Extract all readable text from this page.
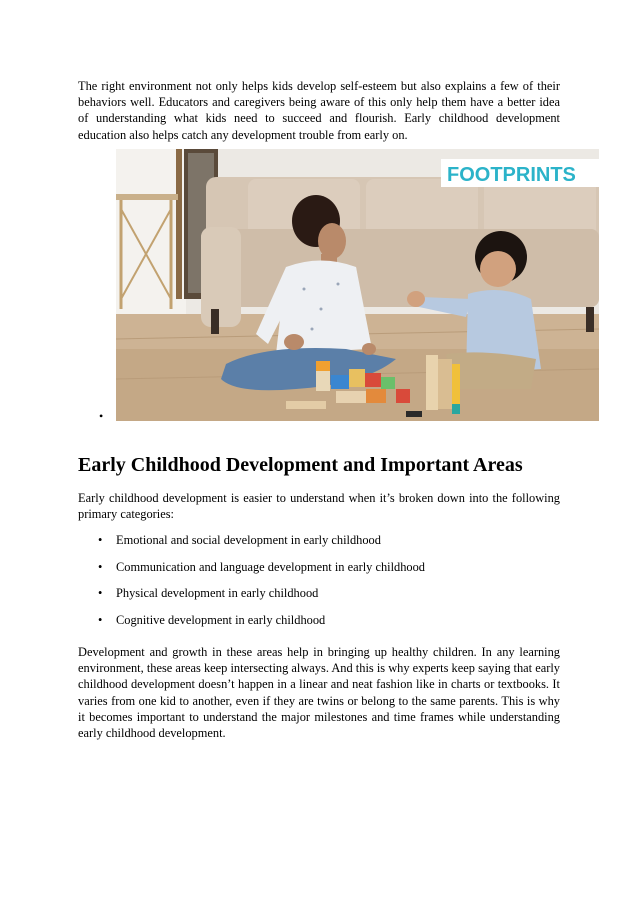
The right environment not only helps kids develop self-esteem but also explains a few of their behaviors well. Educators and caregivers being aware of this only help them have a better idea of understanding what kids need to succeed and flourish. Early childhood development education also helps catch any development trouble from early on.

FOOTPRINTS
•
Early Childhood Development and Important Areas

Early childhood development is easier to understand when it’s broken down into the following primary categories:

• Emotional and social development in early childhood
• Communication and language development in early childhood
• Physical development in early childhood
• Cognitive development in early childhood

Development and growth in these areas help in bringing up healthy children. In any learning environment, these areas keep intersecting always. And this is why experts keep saying that early childhood development doesn’t happen in a linear and neat fashion like in charts or textbooks. It varies from one kid to another, even if they are twins or belong to the same parents. This is why it becomes important to understand the major milestones and time frames while understanding early childhood development.
